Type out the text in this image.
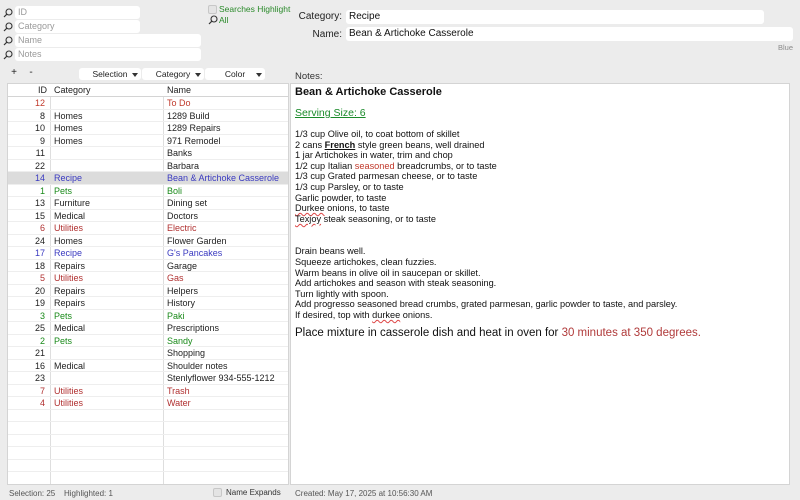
ID
Category
Name
Notes
Searches Highlight
All	Category: Recipe
Name: Bean & Artichoke Casserole
Blue
+	-	Selection	Category	Color	Notes:
ID Category	Name
12	To Do
8 Homes	1289 Build
10 Homes	1289 Repairs
9 Homes	971 Remodel
11	Banks
22	Barbara
14 Recipe	Bean & Artichoke Casserole
1 Pets	Boli
13 Furniture	Dining set
15 Medical	Doctors
6 Utilities	Electric
24 Homes	Flower Garden
17 Recipe	G's Pancakes
18 Repairs	Garage
5 Utilities	Gas
20 Repairs	Helpers
19 Repairs	History
3 Pets	Paki
25 Medical	Prescriptions
2 Pets	Sandy
21	Shopping
16 Medical	Shoulder notes
23	Stenlyflower 934-555-1212
7 Utilities	Trash
4 Utilities	Water
Bean & Artichoke Casserole
Serving Size: 6
1/3 cup Olive oil, to coat bottom of skillet
2 cans French style green beans, well drained
1 jar Artichokes in water, trim and chop
1/2 cup Italian seasoned breadcrumbs, or to taste
1/3 cup Grated parmesan cheese, or to taste
1/3 cup Parsley, or to taste
Garlic powder, to taste
Durkee onions, to taste
Texjoy steak seasoning, or to taste
Drain beans well.
Squeeze artichokes, clean fuzzies.
Warm beans in olive oil in saucepan or skillet.
Add artichokes and season with steak seasoning.
Turn lightly with spoon.
Add progresso seasoned bread crumbs, grated parmesan, garlic powder to taste, and parsley.
If desired, top with durkee onions.
Place mixture in casserole dish and heat in oven for 30 minutes at 350 degrees.
Selection: 25 Highlighted: 1	Name Expands Created: May 17, 2025 at 10:56:30 AM
